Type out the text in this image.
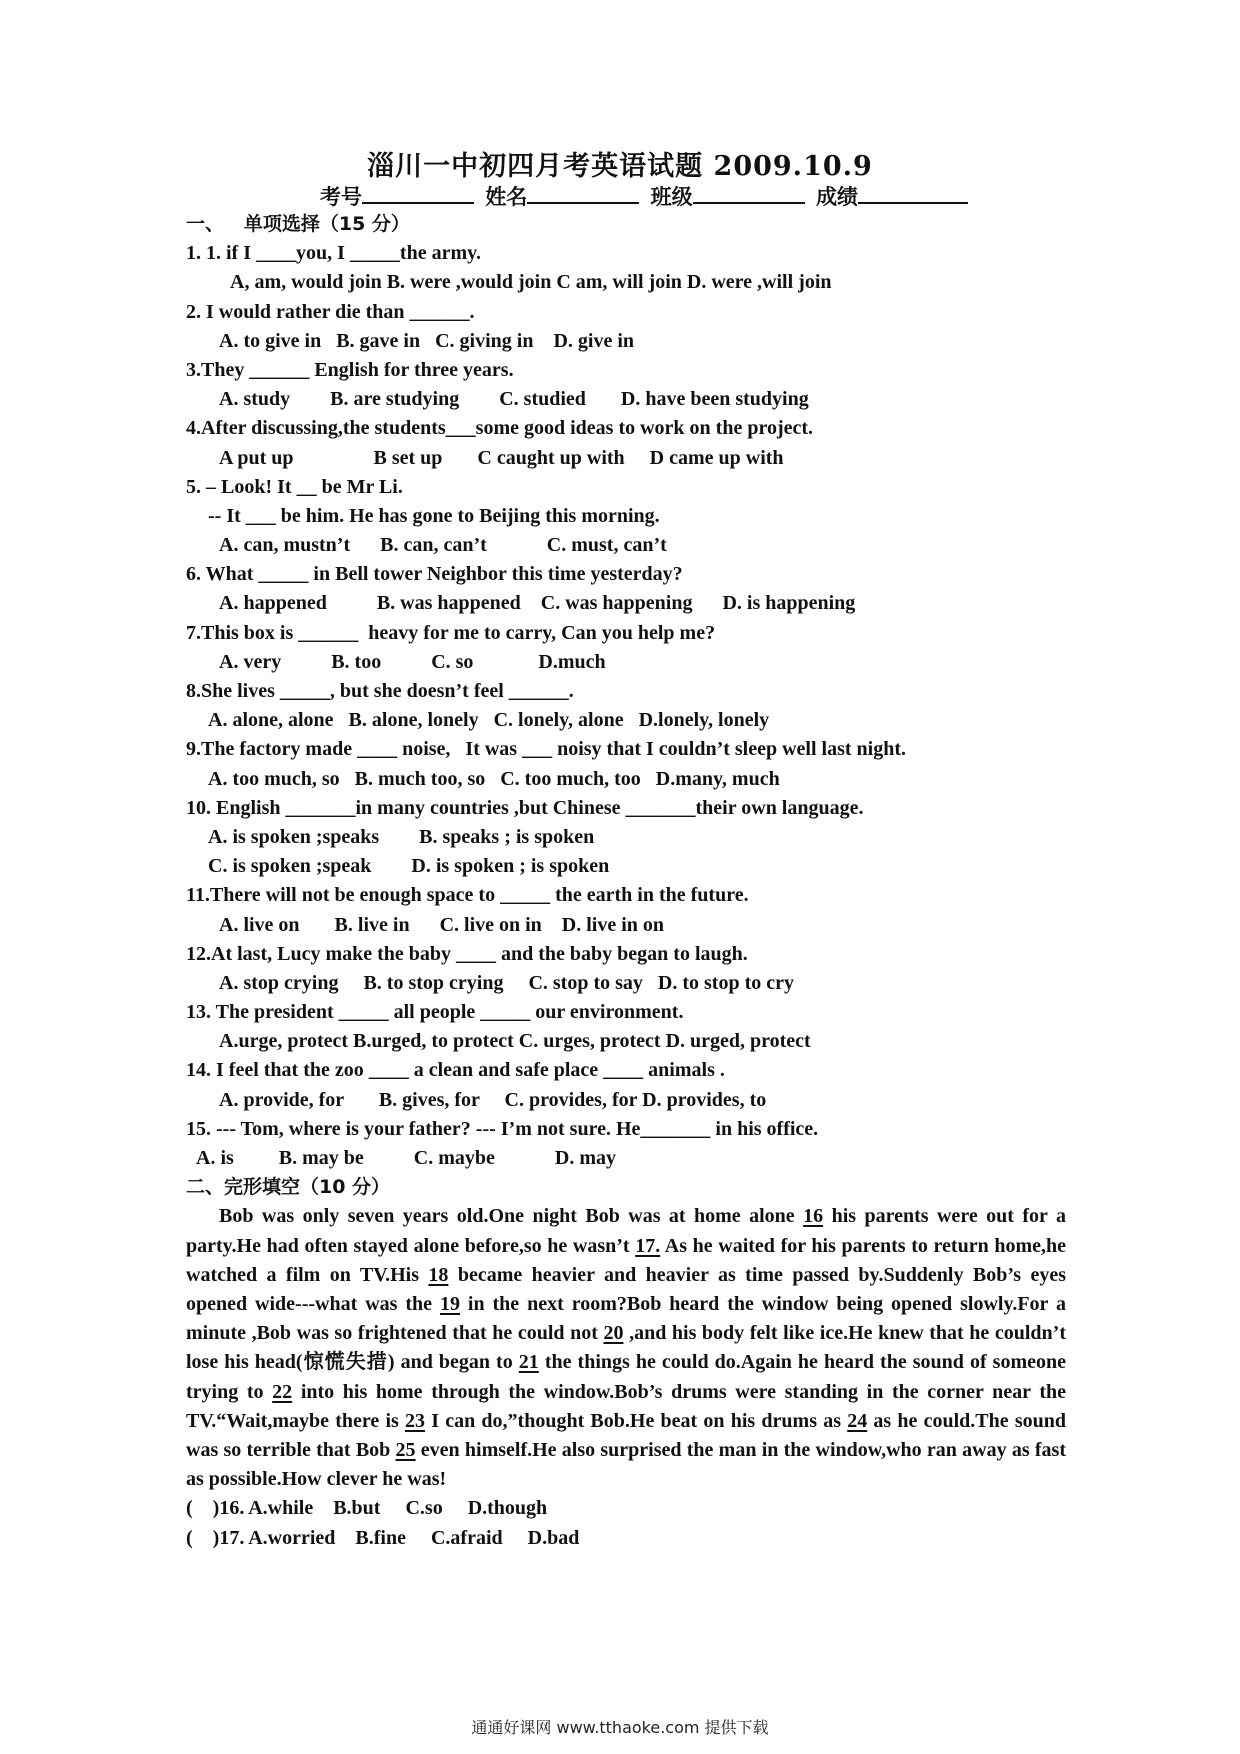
淄川一中初四月考英语试题 2009.10.9
考号	姓名	班级	成绩
一、   单项选择（15 分）
1. 1. if I ____you, I _____the army.
A, am, would join B. were ,would join C am, will join D. were ,will join
2. I would rather die than ______.
A. to give in   B. gave in   C. giving in    D. give in
3.They ______ English for three years.
A. study        B. are studying        C. studied       D. have been studying
4.After discussing,the students___some good ideas to work on the project.
A put up                B set up       C caught up with     D came up with
5. – Look! It __ be Mr Li.
-- It ___ be him. He has gone to Beijing this morning.
A. can, mustn’t      B. can, can’t            C. must, can’t
6. What _____ in Bell tower Neighbor this time yesterday?
A. happened          B. was happened    C. was happening      D. is happening
7.This box is ______  heavy for me to carry, Can you help me?
A. very          B. too          C. so             D.much
8.She lives _____, but she doesn’t feel ______.
A. alone, alone   B. alone, lonely   C. lonely, alone   D.lonely, lonely
9.The factory made ____ noise,   It was ___ noisy that I couldn’t sleep well last night.
A. too much, so   B. much too, so   C. too much, too   D.many, much
10. English _______in many countries ,but Chinese _______their own language.
A. is spoken ;speaks        B. speaks ; is spoken
C. is spoken ;speak        D. is spoken ; is spoken
11.There will not be enough space to _____ the earth in the future.
A. live on       B. live in      C. live on in    D. live in on
12.At last, Lucy make the baby ____ and the baby began to laugh.
A. stop crying     B. to stop crying     C. stop to say   D. to stop to cry
13. The president _____ all people _____ our environment.
A.urge, protect B.urged, to protect C. urges, protect D. urged, protect
14. I feel that the zoo ____ a clean and safe place ____ animals .
A. provide, for       B. gives, for     C. provides, for D. provides, to
15. --- Tom, where is your father? --- I’m not sure. He_______ in his office.
A. is         B. may be          C. maybe            D. may
二、完形填空（10 分）
Bob was only seven years old.One night Bob was at home alone 16 his parents were out for a party.He had often stayed alone before,so he wasn’t 17. As he waited for his parents to return home,he watched a film on TV.His 18 became heavier and heavier as time passed by.Suddenly Bob’s eyes opened wide---what was the 19 in the next room?Bob heard the window being opened slowly.For a minute ,Bob was so frightened that he could not 20 ,and his body felt like ice.He knew that he couldn’t lose his head(惊慌失措) and began to 21 the things he could do.Again he heard the sound of someone trying to 22 into his home through the window.Bob’s drums were standing in the corner near the TV.“Wait,maybe there is 23 I can do,”thought Bob.He beat on his drums as 24 as he could.The sound was so terrible that Bob 25 even himself.He also surprised the man in the window,who ran away as fast as possible.How clever he was!
(    )16. A.while    B.but     C.so     D.though
(    )17. A.worried    B.fine     C.afraid     D.bad
通通好课网 www.tthaoke.com 提供下载
